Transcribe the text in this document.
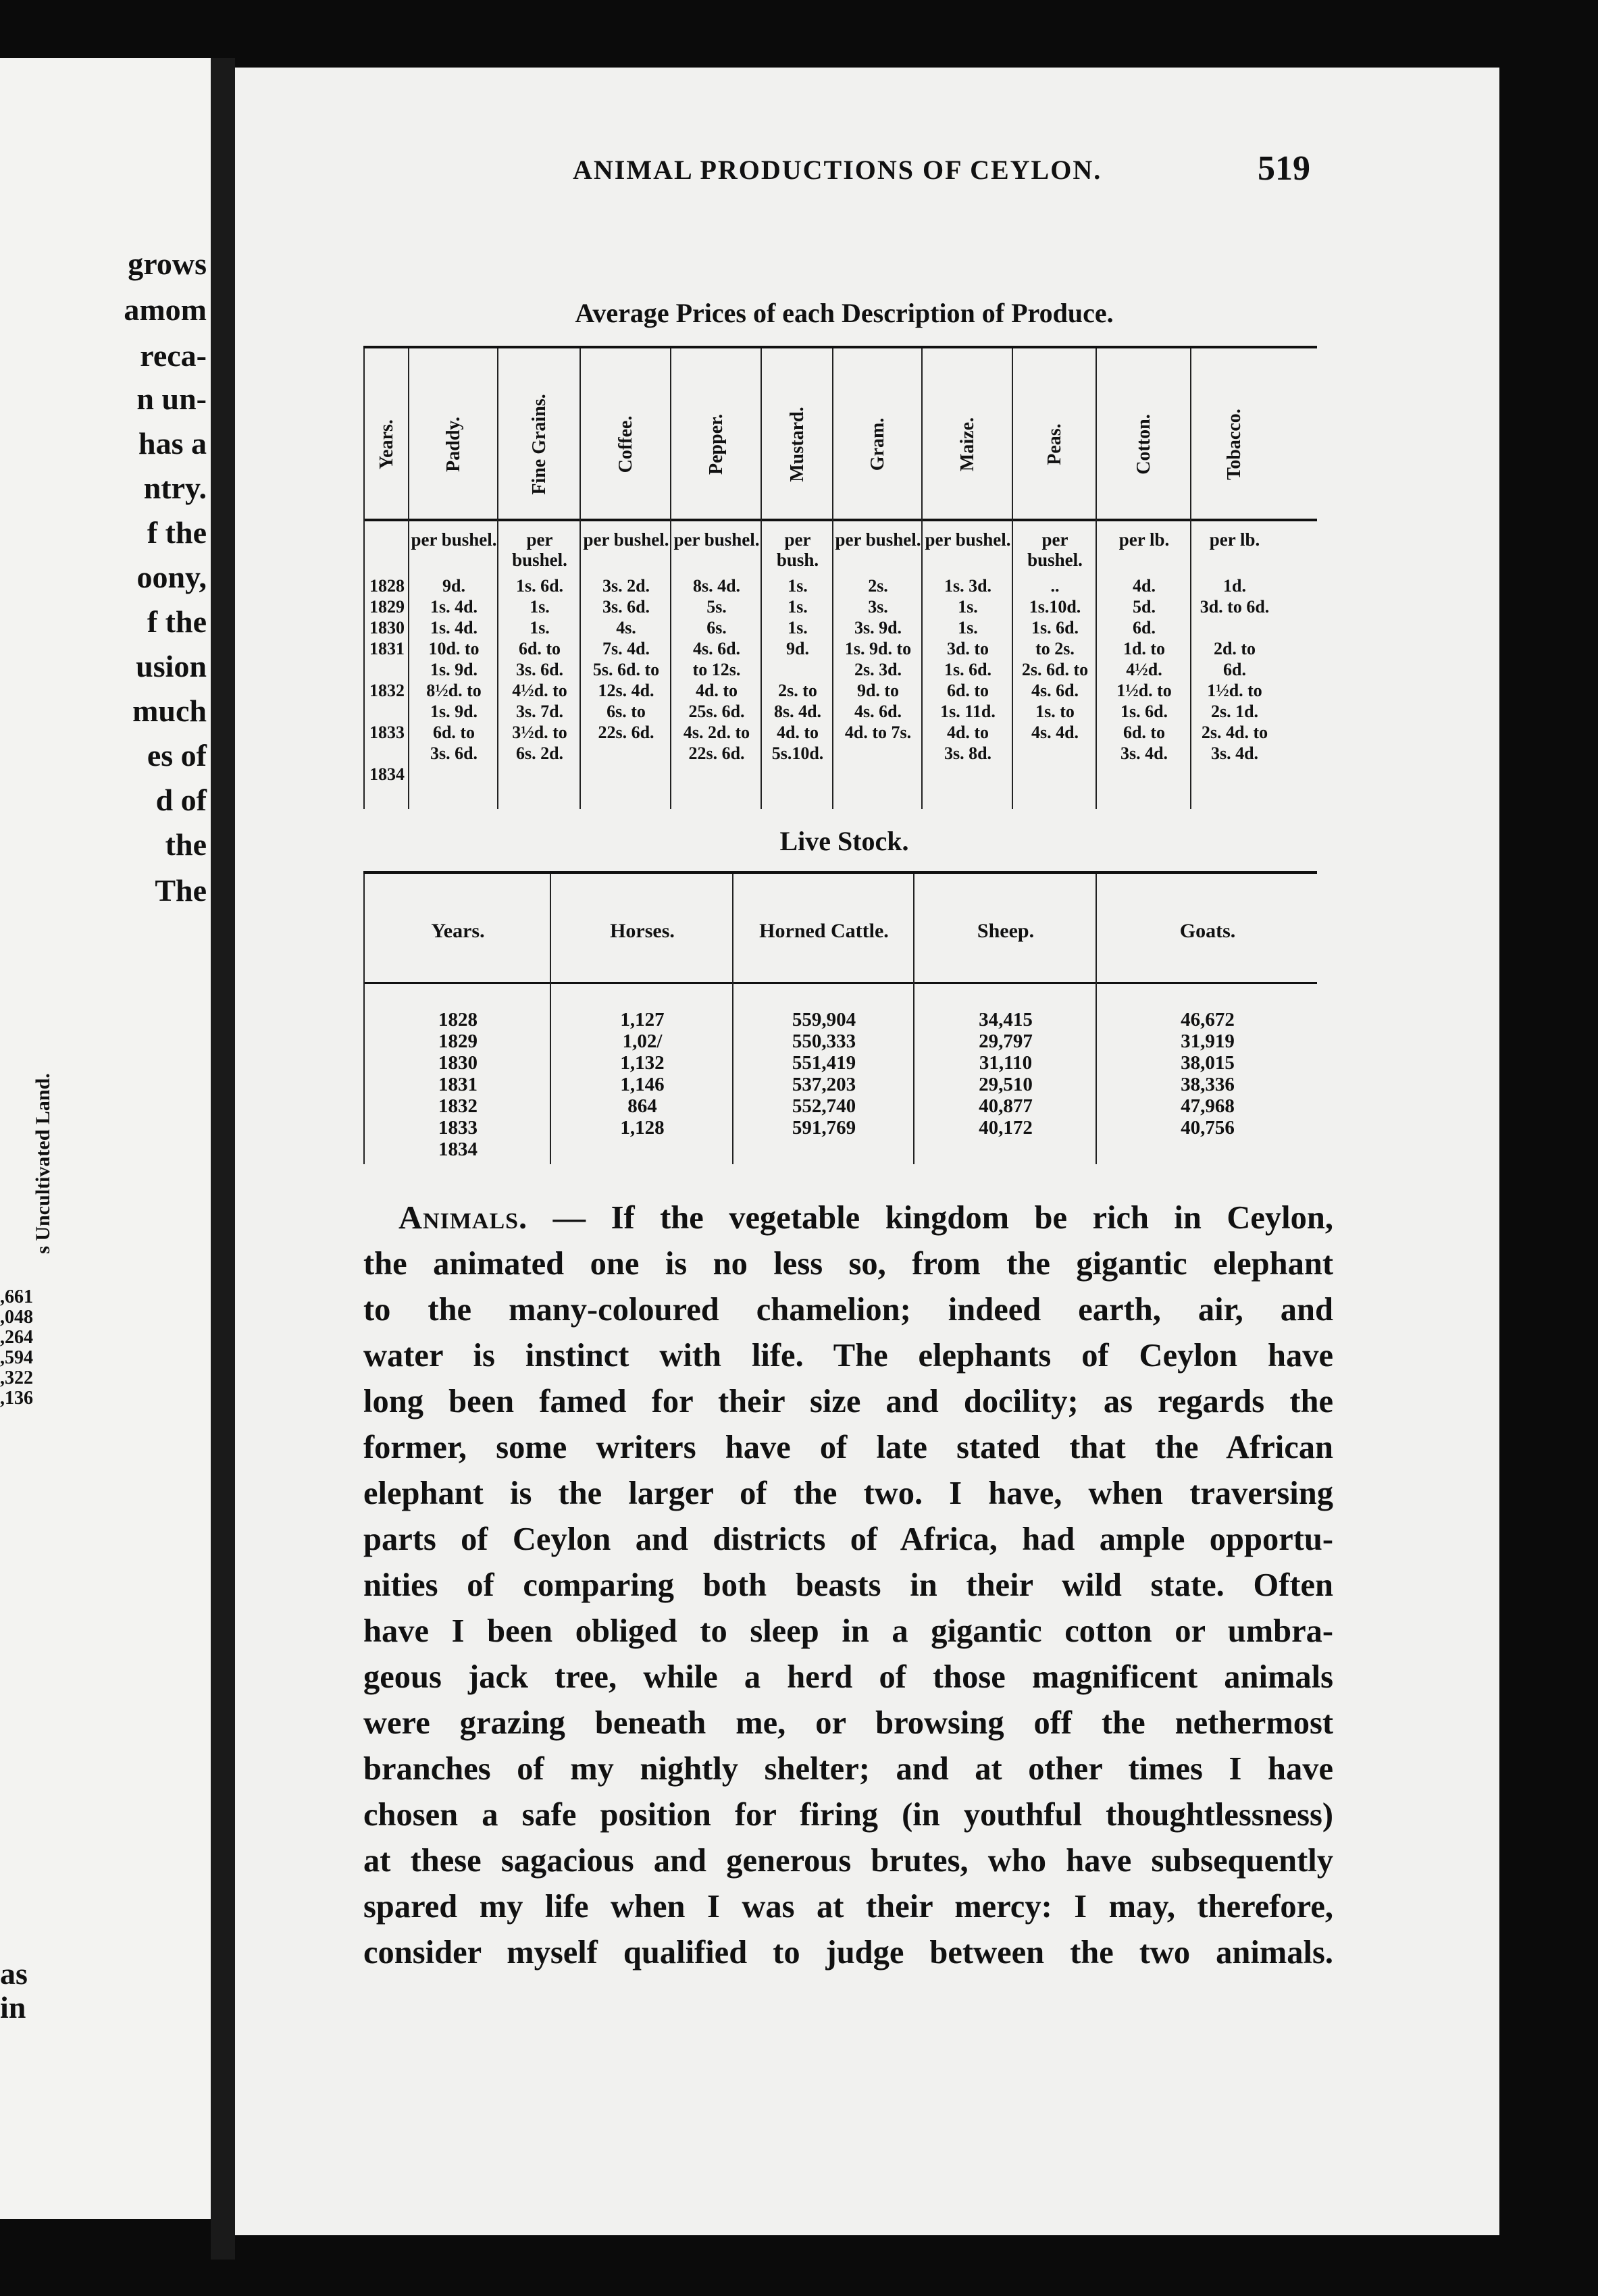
grows
amom
reca-
n un-
has a
ntry.
f the
oony,
f the
usion
much
es of
d of
the
The
s Uncultivated Land.
,661
,048
,264
,594
,322
,136
as
in
ANIMAL PRODUCTIONS OF CEYLON.	519
Average Prices of each Description of Produce.
Years.
1828
1829
1830
1831

1832

1833

1834
Paddy.
per bushel.
9d.
1s. 4d.
1s. 4d.
10d. to
1s. 9d.
8½d. to
1s. 9d.
6d. to
3s. 6d.

Fine Grains.
per bushel.
1s. 6d.
1s.
1s.
6d. to
3s. 6d.
4½d. to
3s. 7d.
3½d. to
6s. 2d.

Coffee.
per bushel.
3s. 2d.
3s. 6d.
4s.
7s. 4d.
5s. 6d. to
12s. 4d.
6s. to
22s. 6d.

Pepper.
per bushel.
8s. 4d.
5s.
6s.
4s. 6d.
to 12s.
4d. to
25s. 6d.
4s. 2d. to
22s. 6d.

Mustard.
per bush.
1s.
1s.
1s.
9d.

2s. to
8s. 4d.
4d. to
5s.10d.

Gram.
per bushel.
2s.
3s.
3s. 9d.
1s. 9d. to
2s. 3d.
9d. to
4s. 6d.
4d. to 7s.

Maize.
per bushel.
1s. 3d.
1s.
1s.
3d. to
1s. 6d.
6d. to
1s. 11d.
4d. to
3s. 8d.

Peas.
per bushel.
..
1s.10d.
1s. 6d.
to 2s.
2s. 6d. to
4s. 6d.
1s. to
4s. 4d.

Cotton.
per lb.
4d.
5d.
6d.
1d. to
4½d.
1½d. to
1s. 6d.
6d. to
3s. 4d.

Tobacco.
per lb.
1d.
3d. to 6d.

2d. to
6d.
1½d. to
2s. 1d.
2s. 4d. to
3s. 4d.

Live Stock.
Years.
1828
1829
1830
1831
1832
1833
1834
Horses.
1,127
1,02/
1,132
1,146
864
1,128

Horned Cattle.
559,904
550,333
551,419
537,203
552,740
591,769

Sheep.
34,415
29,797
31,110
29,510
40,877
40,172

Goats.
46,672
31,919
38,015
38,336
47,968
40,756

Animals. — If the vegetable kingdom be rich in Ceylon,
the animated one is no less so, from the gigantic elephant
to the many-coloured chamelion; indeed earth, air, and
water is instinct with life. The elephants of Ceylon have
long been famed for their size and docility; as regards the
former, some writers have of late stated that the African
elephant is the larger of the two. I have, when traversing
parts of Ceylon and districts of Africa, had ample opportu-
nities of comparing both beasts in their wild state. Often
have I been obliged to sleep in a gigantic cotton or umbra-
geous jack tree, while a herd of those magnificent animals
were grazing beneath me, or browsing off the nethermost
branches of my nightly shelter; and at other times I have
chosen a safe position for firing (in youthful thoughtlessness)
at these sagacious and generous brutes, who have subsequently
spared my life when I was at their mercy: I may, therefore,
consider myself qualified to judge between the two animals.
